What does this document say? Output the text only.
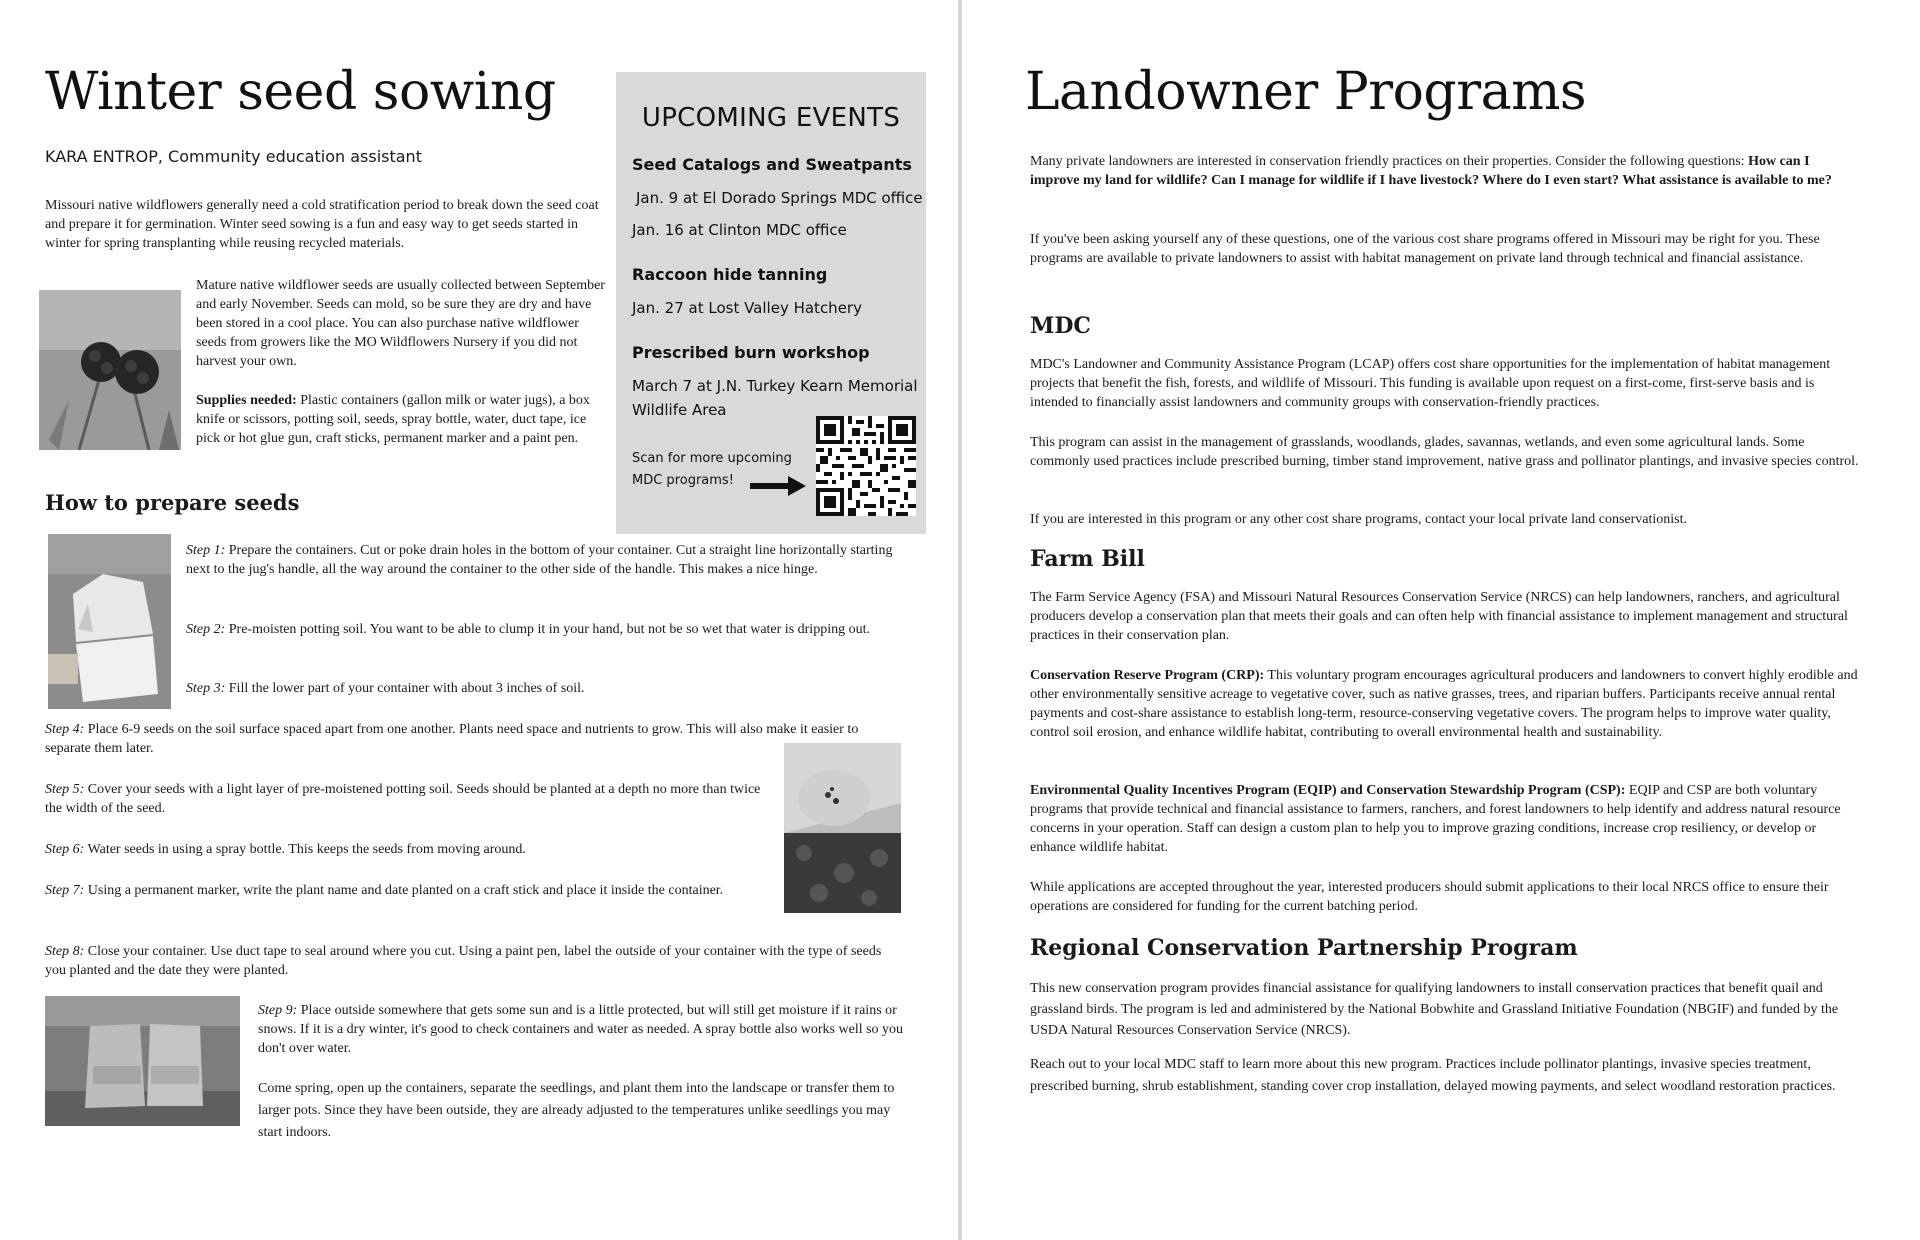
Winter seed sowing
KARA ENTROP, Community education assistant
Missouri native wildflowers generally need a cold stratification period to break down the seed coat and prepare it for germination. Winter seed sowing is a fun and easy way to get seeds started in winter for spring transplanting while reusing recycled materials.
Mature native wildflower seeds are usually collected between September and early November. Seeds can mold, so be sure they are dry and have been stored in a cool place. You can also purchase native wildflower seeds from growers like the MO Wildflowers Nursery if you did not harvest your own.
Supplies needed: Plastic containers (gallon milk or water jugs), a box knife or scissors, potting soil, seeds, spray bottle, water, duct tape, ice pick or hot glue gun, craft sticks, permanent marker and a paint pen.
How to prepare seeds
Step 1: Prepare the containers. Cut or poke drain holes in the bottom of your container. Cut a straight line horizontally starting next to the jug's handle, all the way around the container to the other side of the handle. This makes a nice hinge.
Step 2: Pre-moisten potting soil. You want to be able to clump it in your hand, but not be so wet that water is dripping out.
Step 3: Fill the lower part of your container with about 3 inches of soil.
Step 4: Place 6-9 seeds on the soil surface spaced apart from one another. Plants need space and nutrients to grow. This will also make it easier to separate them later.
Step 5: Cover your seeds with a light layer of pre-moistened potting soil. Seeds should be planted at a depth no more than twice the width of the seed.
Step 6: Water seeds in using a spray bottle. This keeps the seeds from moving around.
Step 7: Using a permanent marker, write the plant name and date planted on a craft stick and place it inside the container.
Step 8: Close your container. Use duct tape to seal around where you cut. Using a paint pen, label the outside of your container with the type of seeds you planted and the date they were planted.
Step 9: Place outside somewhere that gets some sun and is a little protected, but will still get moisture if it rains or snows. If it is a dry winter, it's good to check containers and water as needed. A spray bottle also works well so you don't over water.
Come spring, open up the containers, separate the seedlings, and plant them into the landscape or transfer them to larger pots. Since they have been outside, they are already adjusted to the temperatures unlike seedlings you may start indoors.
UPCOMING EVENTS
Seed Catalogs and Sweatpants
Jan. 9 at El Dorado Springs MDC office
Jan. 16 at Clinton MDC office
Raccoon hide tanning
Jan. 27 at Lost Valley Hatchery
Prescribed burn workshop
March 7 at J.N. Turkey Kearn Memorial Wildlife Area
Scan for more upcoming MDC programs!
Landowner Programs
Many private landowners are interested in conservation friendly practices on their properties. Consider the following questions: How can I improve my land for wildlife? Can I manage for wildlife if I have livestock? Where do I even start? What assistance is available to me?
If you've been asking yourself any of these questions, one of the various cost share programs offered in Missouri may be right for you. These programs are available to private landowners to assist with habitat management on private land through technical and financial assistance.
MDC
MDC's Landowner and Community Assistance Program (LCAP) offers cost share opportunities for the implementation of habitat management projects that benefit the fish, forests, and wildlife of Missouri. This funding is available upon request on a first-come, first-serve basis and is intended to financially assist landowners and community groups with conservation-friendly practices.
This program can assist in the management of grasslands, woodlands, glades, savannas, wetlands, and even some agricultural lands. Some commonly used practices include prescribed burning, timber stand improvement, native grass and pollinator plantings, and invasive species control.
If you are interested in this program or any other cost share programs, contact your local private land conservationist.
Farm Bill
The Farm Service Agency (FSA) and Missouri Natural Resources Conservation Service (NRCS) can help landowners, ranchers, and agricultural producers develop a conservation plan that meets their goals and can often help with financial assistance to implement management and structural practices in their conservation plan.
Conservation Reserve Program (CRP): This voluntary program encourages agricultural producers and landowners to convert highly erodible and other environmentally sensitive acreage to vegetative cover, such as native grasses, trees, and riparian buffers. Participants receive annual rental payments and cost-share assistance to establish long-term, resource-conserving vegetative covers. The program helps to improve water quality, control soil erosion, and enhance wildlife habitat, contributing to overall environmental health and sustainability.
Environmental Quality Incentives Program (EQIP) and Conservation Stewardship Program (CSP): EQIP and CSP are both voluntary programs that provide technical and financial assistance to farmers, ranchers, and forest landowners to help identify and address natural resource concerns in your operation. Staff can design a custom plan to help you to improve grazing conditions, increase crop resiliency, or develop or enhance wildlife habitat.
While applications are accepted throughout the year, interested producers should submit applications to their local NRCS office to ensure their operations are considered for funding for the current batching period.
Regional Conservation Partnership Program
This new conservation program provides financial assistance for qualifying landowners to install conservation practices that benefit quail and grassland birds. The program is led and administered by the National Bobwhite and Grassland Initiative Foundation (NBGIF) and funded by the USDA Natural Resources Conservation Service (NRCS).
Reach out to your local MDC staff to learn more about this new program. Practices include pollinator plantings, invasive species treatment, prescribed burning, shrub establishment, standing cover crop installation, delayed mowing payments, and select woodland restoration practices.
